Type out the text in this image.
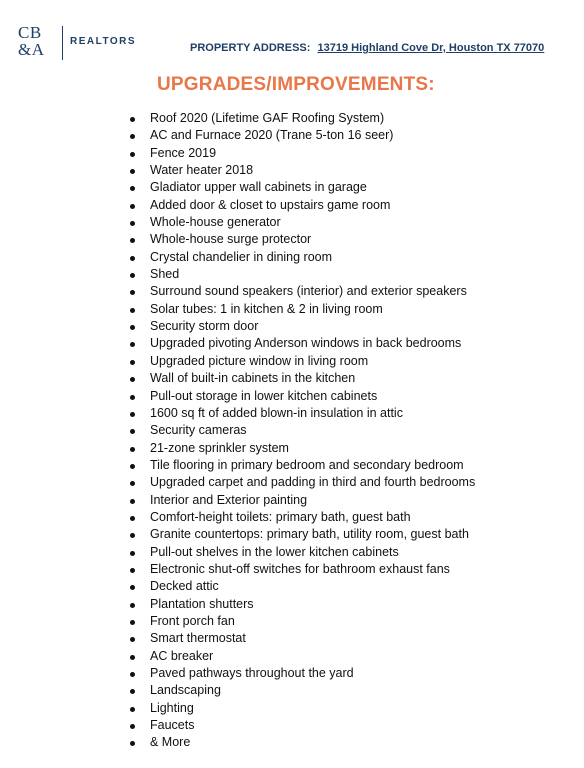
CB
&A	REALTORS
PROPERTY ADDRESS: 13719 Highland Cove Dr, Houston TX 77070
UPGRADES/IMPROVEMENTS:
Roof 2020 (Lifetime GAF Roofing System)
AC and Furnace 2020 (Trane 5-ton 16 seer)
Fence 2019
Water heater 2018
Gladiator upper wall cabinets in garage
Added door & closet to upstairs game room
Whole-house generator
Whole-house surge protector
Crystal chandelier in dining room
Shed
Surround sound speakers (interior) and exterior speakers
Solar tubes: 1 in kitchen & 2 in living room
Security storm door
Upgraded pivoting Anderson windows in back bedrooms
Upgraded picture window in living room
Wall of built-in cabinets in the kitchen
Pull-out storage in lower kitchen cabinets
1600 sq ft of added blown-in insulation in attic
Security cameras
21-zone sprinkler system
Tile flooring in primary bedroom and secondary bedroom
Upgraded carpet and padding in third and fourth bedrooms
Interior and Exterior painting
Comfort-height toilets: primary bath, guest bath
Granite countertops: primary bath, utility room, guest bath
Pull-out shelves in the lower kitchen cabinets
Electronic shut-off switches for bathroom exhaust fans
Decked attic
Plantation shutters
Front porch fan
Smart thermostat
AC breaker
Paved pathways throughout the yard
Landscaping
Lighting
Faucets
& More
